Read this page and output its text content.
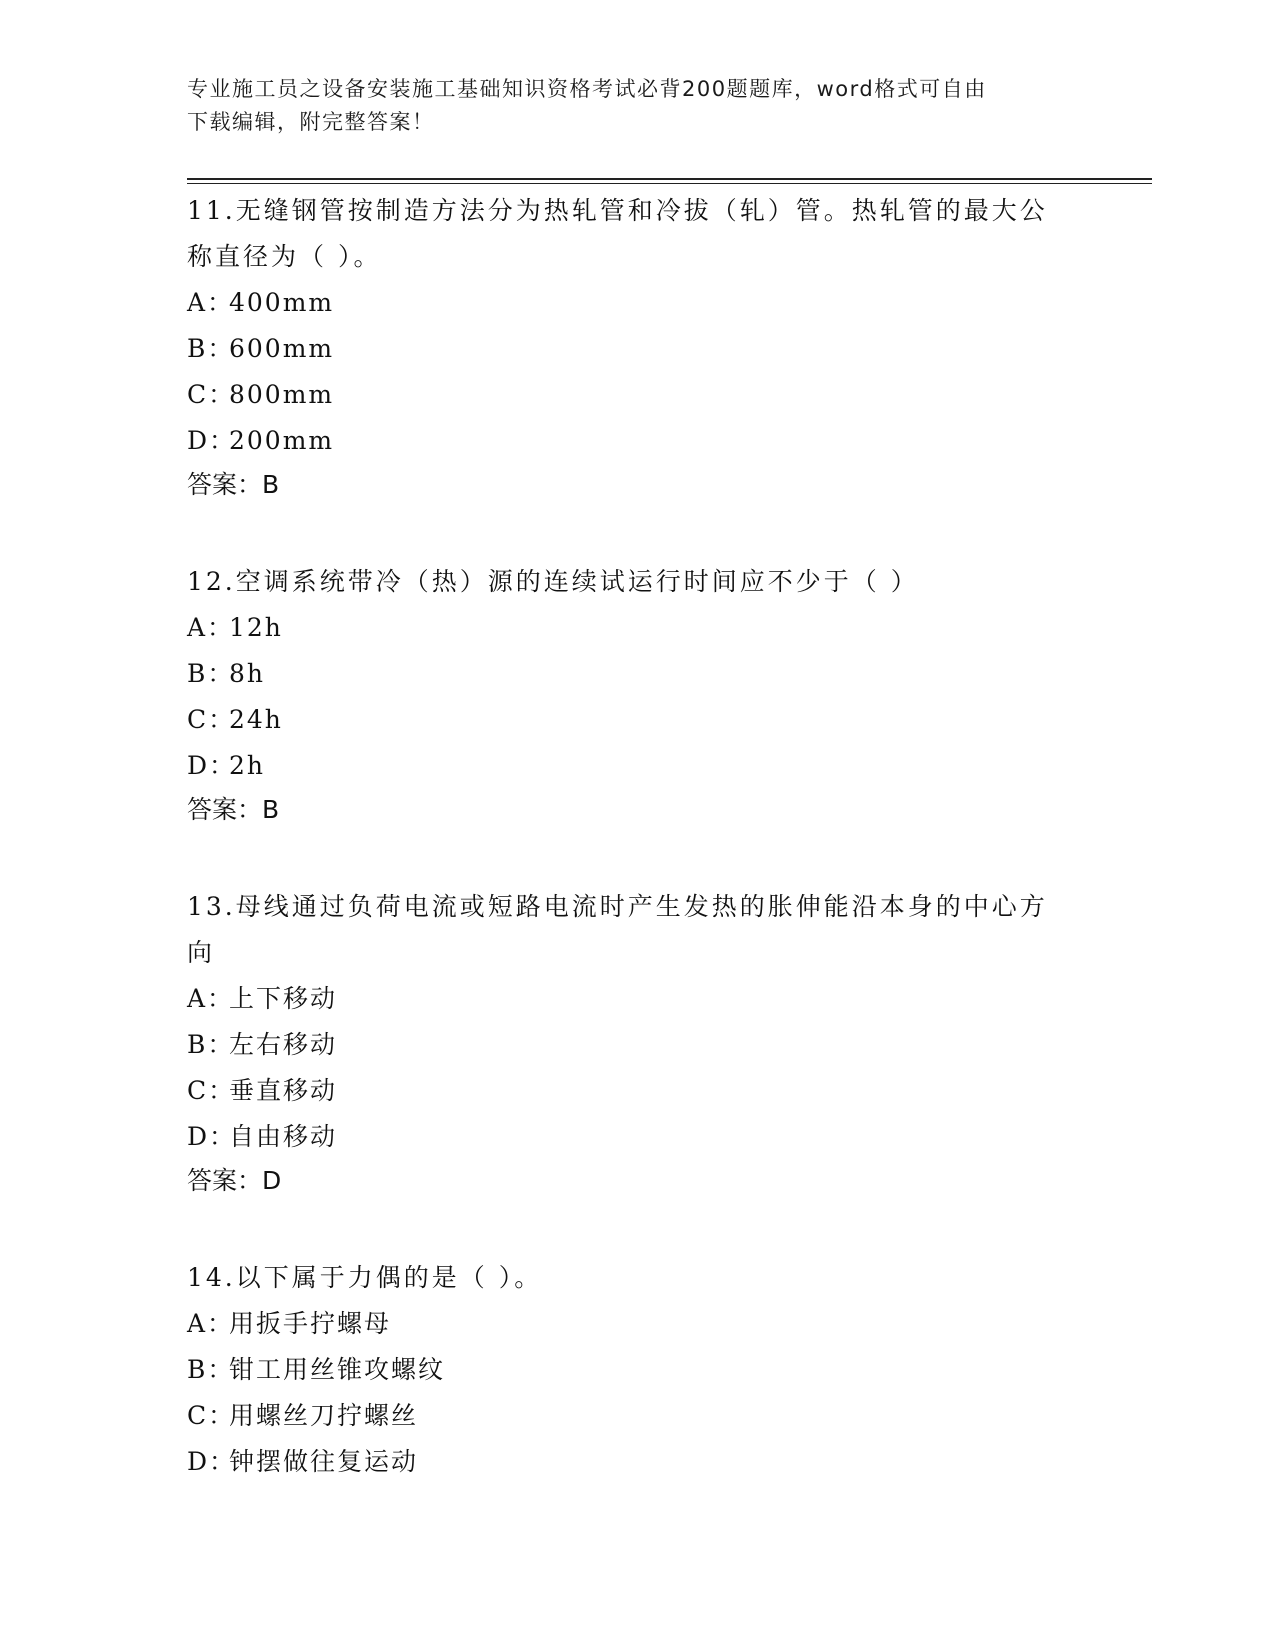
专业施工员之设备安装施工基础知识资格考试必背200题题库，word格式可自由
下载编辑，附完整答案！
11.无缝钢管按制造方法分为热轧管和冷拔（轧）管。热轧管的最大公
称直径为（ ）。
A：400mm
B：600mm
C：800mm
D：200mm
答案：B
12.空调系统带冷（热）源的连续试运行时间应不少于（ ）
A：12h
B：8h
C：24h
D：2h
答案：B
13.母线通过负荷电流或短路电流时产生发热的胀伸能沿本身的中心方
向
A：上下移动
B：左右移动
C：垂直移动
D：自由移动
答案：D
14.以下属于力偶的是（ ）。
A：用扳手拧螺母
B：钳工用丝锥攻螺纹
C：用螺丝刀拧螺丝
D：钟摆做往复运动
